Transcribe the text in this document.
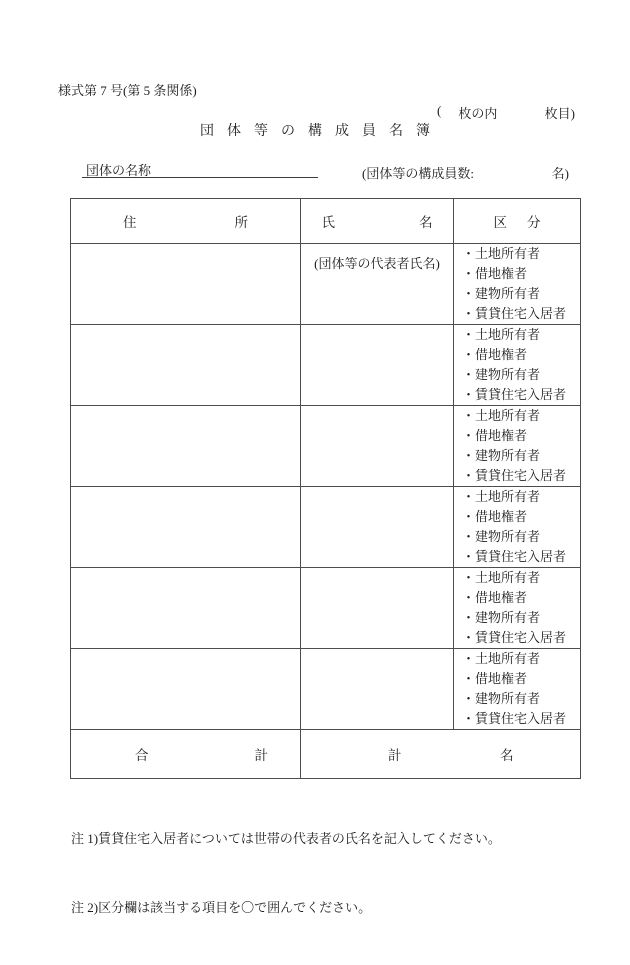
様式第 7 号(第 5 条関係)
( 枚の内	枚目)
団体等の構成員名簿
団体の名称	(団体等の構成員数:	名)
住 所	氏 名	区 分

	(団体等の代表者氏名)	・土地所有者
・借地権者
・建物所有者
・賃貸住宅入居者

		・土地所有者
・借地権者
・建物所有者
・賃貸住宅入居者

		・土地所有者
・借地権者
・建物所有者
・賃貸住宅入居者

		・土地所有者
・借地権者
・建物所有者
・賃貸住宅入居者

		・土地所有者
・借地権者
・建物所有者
・賃貸住宅入居者

		・土地所有者
・借地権者
・建物所有者
・賃貸住宅入居者

合 計	計 名	

注 1)賃貸住宅入居者については世帯の代表者の氏名を記入してください。

注 2)区分欄は該当する項目を〇で囲んでください。
